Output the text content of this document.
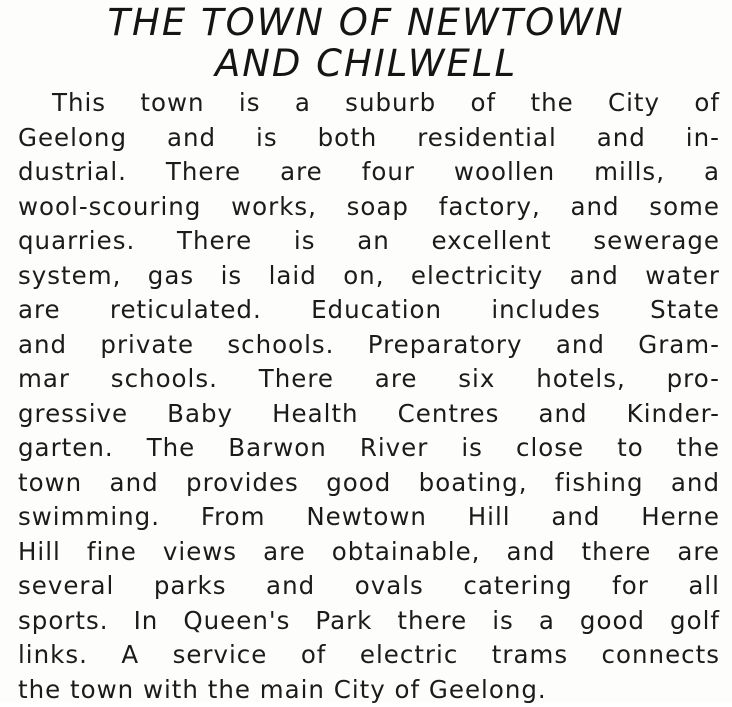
THE TOWN OF NEWTOWN
AND CHILWELL
This town is a suburb of the City of
Geelong and is both residential and in-
dustrial. There are four woollen mills, a
wool-scouring works, soap factory, and some
quarries. There is an excellent sewerage
system, gas is laid on, electricity and water
are reticulated. Education includes State
and private schools. Preparatory and Gram-
mar schools. There are six hotels, pro-
gressive Baby Health Centres and Kinder-
garten. The Barwon River is close to the
town and provides good boating, fishing and
swimming. From Newtown Hill and Herne
Hill fine views are obtainable, and there are
several parks and ovals catering for all
sports. In Queen's Park there is a good golf
links. A service of electric trams connects
the town with the main City of Geelong.
